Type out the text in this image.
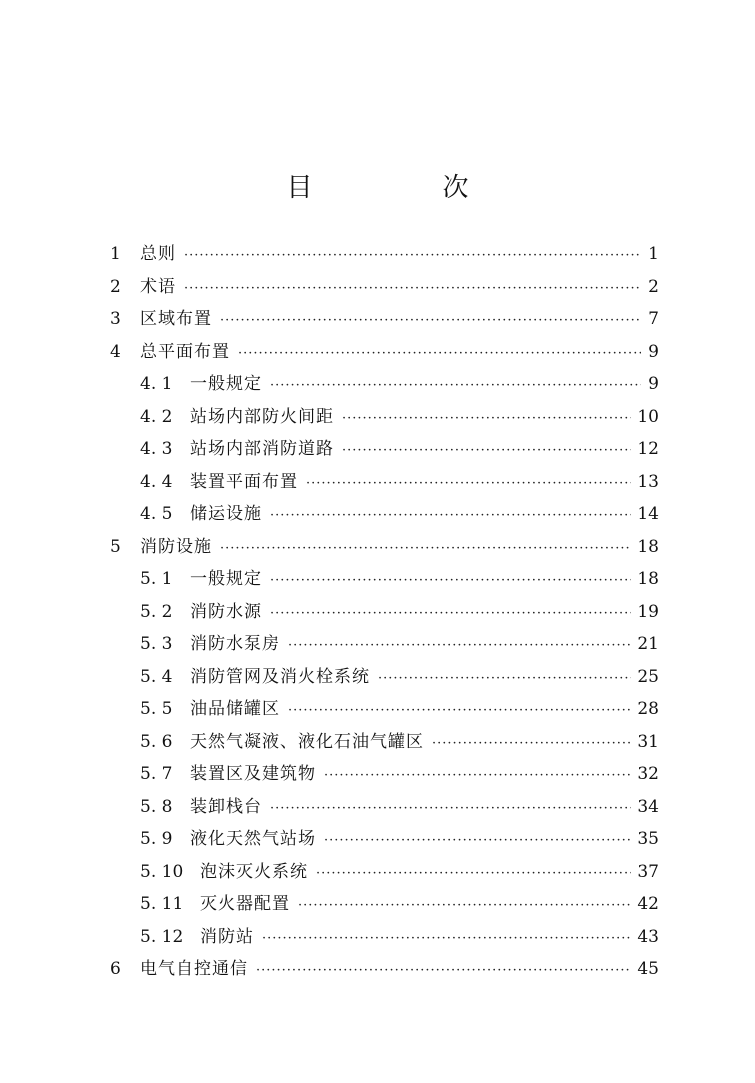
目　次
1	总则 ·····	1
2	术语 ·····	2
3	区域布置 ·····	7
4	总平面布置 ·····	9
4. 1	一般规定 ·····	9
4. 2	站场内部防火间距 ·····	10
4. 3	站场内部消防道路 ·····	12
4. 4	装置平面布置 ·····	13
4. 5	储运设施 ·····	14
5	消防设施 ·····	18
5. 1	一般规定 ·····	18
5. 2	消防水源 ·····	19
5. 3	消防水泵房 ·····	21
5. 4	消防管网及消火栓系统 ·····	25
5. 5	油品储罐区 ·····	28
5. 6	天然气凝液、液化石油气罐区 ·····	31
5. 7	装置区及建筑物 ·····	32
5. 8	装卸栈台 ·····	34
5. 9	液化天然气站场 ·····	35
5. 10 泡沫灭火系统 ·····	37
5. 11 灭火器配置 ·····	42
5. 12 消防站 ·····	43
6	电气自控通信 ·····	45
